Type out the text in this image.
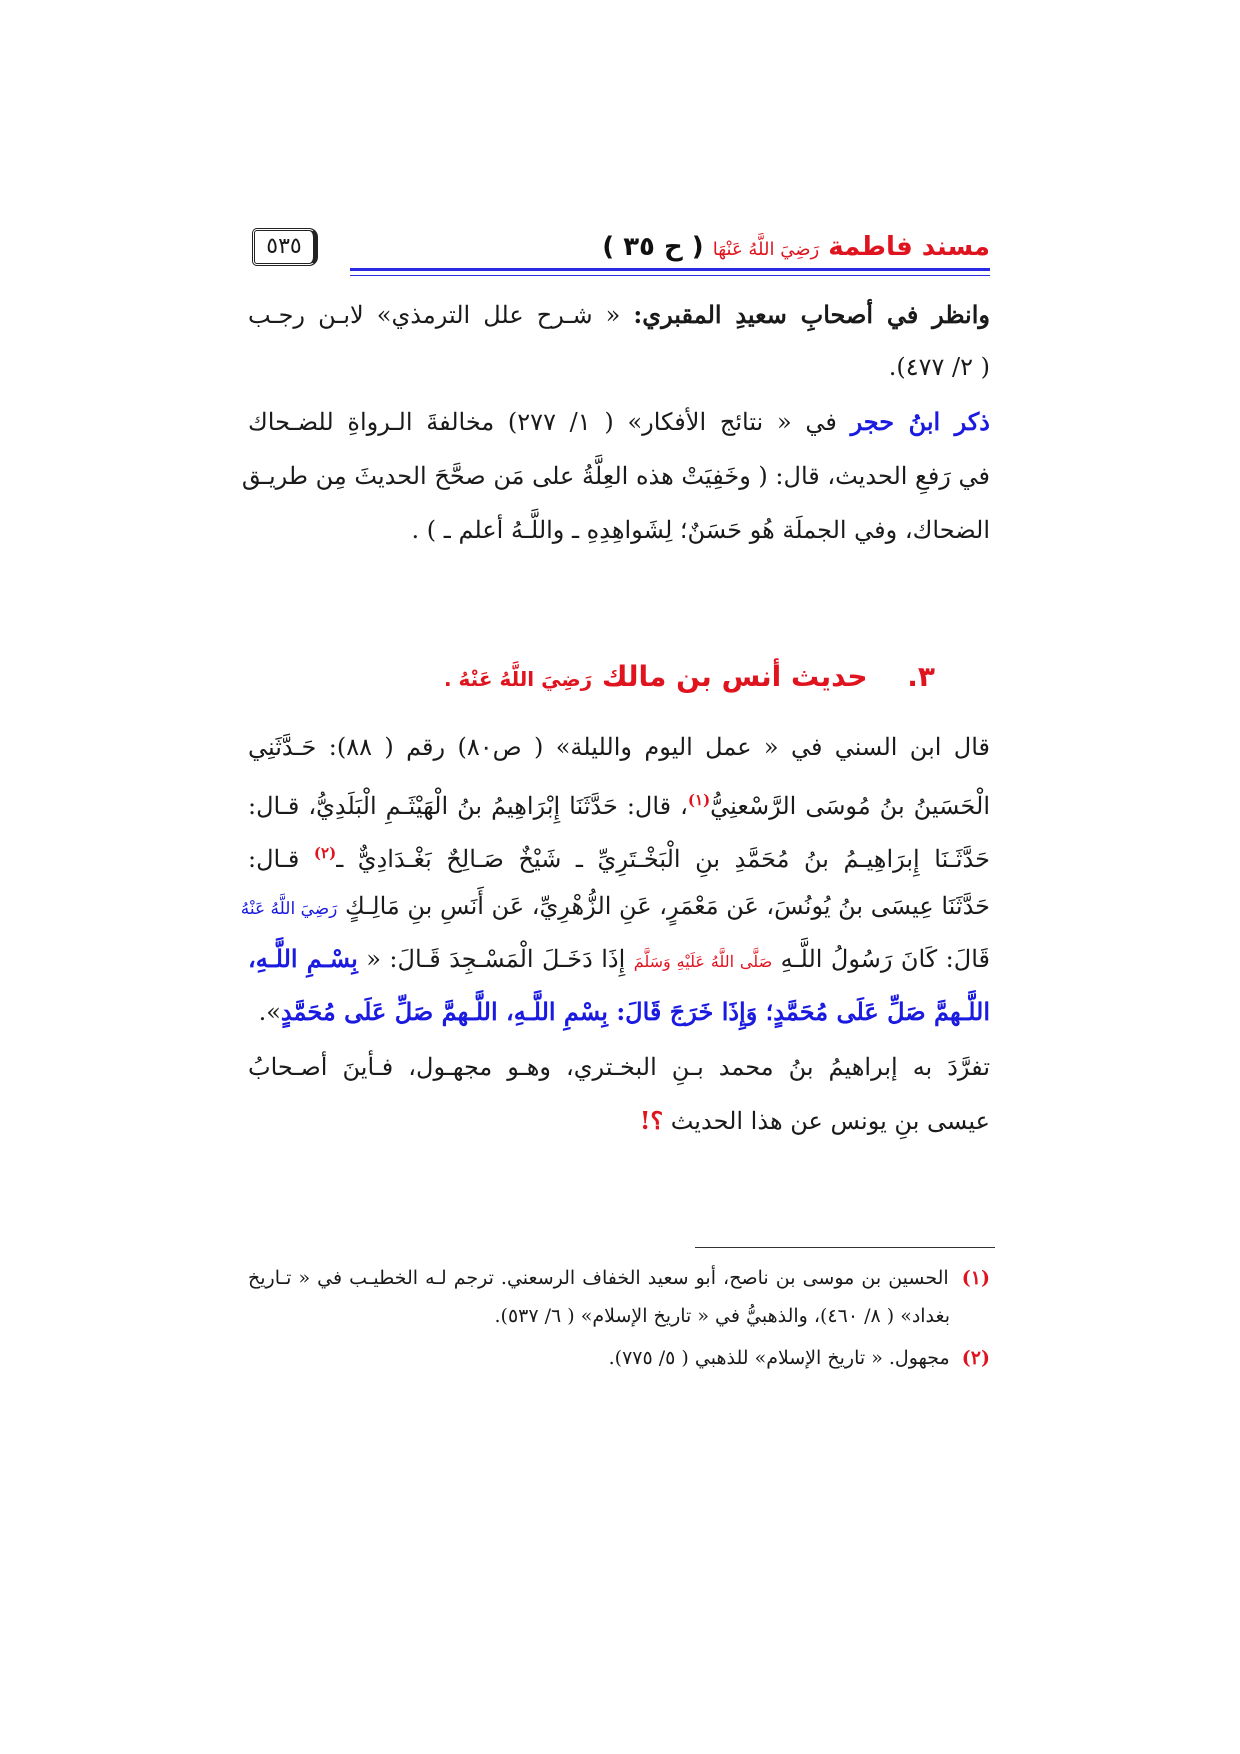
مسند فاطمة رَضِيَ اللَّهُ عَنْهَا ( ح ٣٥ )
٥٣٥
وانظر في أصحابِ سعيدِ المقبري: « شـرح علل الترمذي» لابـن رجـب
( ٢/ ٤٧٧).
ذكر ابنُ حجر في « نتائج الأفكار» ( ١/ ٢٧٧) مخالفةَ الـرواةِ للضـحاك
في رَفعِ الحديث، قال: ( وخَفِيَتْ هذه العِلَّةُ على مَن صحَّحَ الحديثَ مِن طريـق
الضحاك، وفي الجملَة هُو حَسَنٌ؛ لِشَواهِدِهِ ـ واللَّـهُ أعلم ـ ) .
٣. حديث أنس بن مالك رَضِيَ اللَّهُ عَنْهُ .
قال ابن السني في « عمل اليوم والليلة» ( ص٨٠) رقم ( ٨٨): حَـدَّثَنِي
الْحَسَينُ بنُ مُوسَى الرَّسْعنِيُّ$^{(١)}$، قال: حَدَّثَنَا إِبْرَاهِيمُ بنُ الْهَيْثَـمِ الْبَلَدِيُّ، قـال:
حَدَّثَـنَا إِبرَاهِيـمُ بنُ مُحَمَّدِ بنِ الْبَخْـتَرِيِّ ـ شَيْخٌ صَـالِحٌ بَغْـدَادِيٌّ ـ$^{(٢)}$ قـال:
حَدَّثَنَا عِيسَى بنُ يُونُسَ، عَن مَعْمَرٍ، عَنِ الزُّهْرِيِّ، عَن أَنَسِ بنِ مَالِـكٍ رَضِيَ اللَّهُ عَنْهُ
قَالَ: كَانَ رَسُولُ اللَّـهِ صَلَّى اللَّهُ عَلَيْهِ وَسَلَّمَ إِذَا دَخَـلَ الْمَسْـجِدَ قَـالَ: « بِسْـمِ اللَّـهِ،
اللَّـهمَّ صَلِّ عَلَى مُحَمَّدٍ؛ وَإِذَا خَرَجَ قَالَ: بِسْمِ اللَّـهِ، اللَّـهمَّ صَلِّ عَلَى مُحَمَّدٍ».
تفرَّدَ به إبراهيمُ بنُ محمد بـنِ البخـتري، وهـو مجهـول، فـأينَ أصـحابُ
عيسى بنِ يونس عن هذا الحديث ؟!
(١) الحسين بن موسى بن ناصح، أبو سعيد الخفاف الرسعني. ترجم لـه الخطيـب في « تـاريخ
بغداد» ( ٨/ ٤٦٠)، والذهبيُّ في « تاريخ الإسلام» ( ٦/ ٥٣٧).
(٢) مجهول. « تاريخ الإسلام» للذهبي ( ٥/ ٧٧٥).
